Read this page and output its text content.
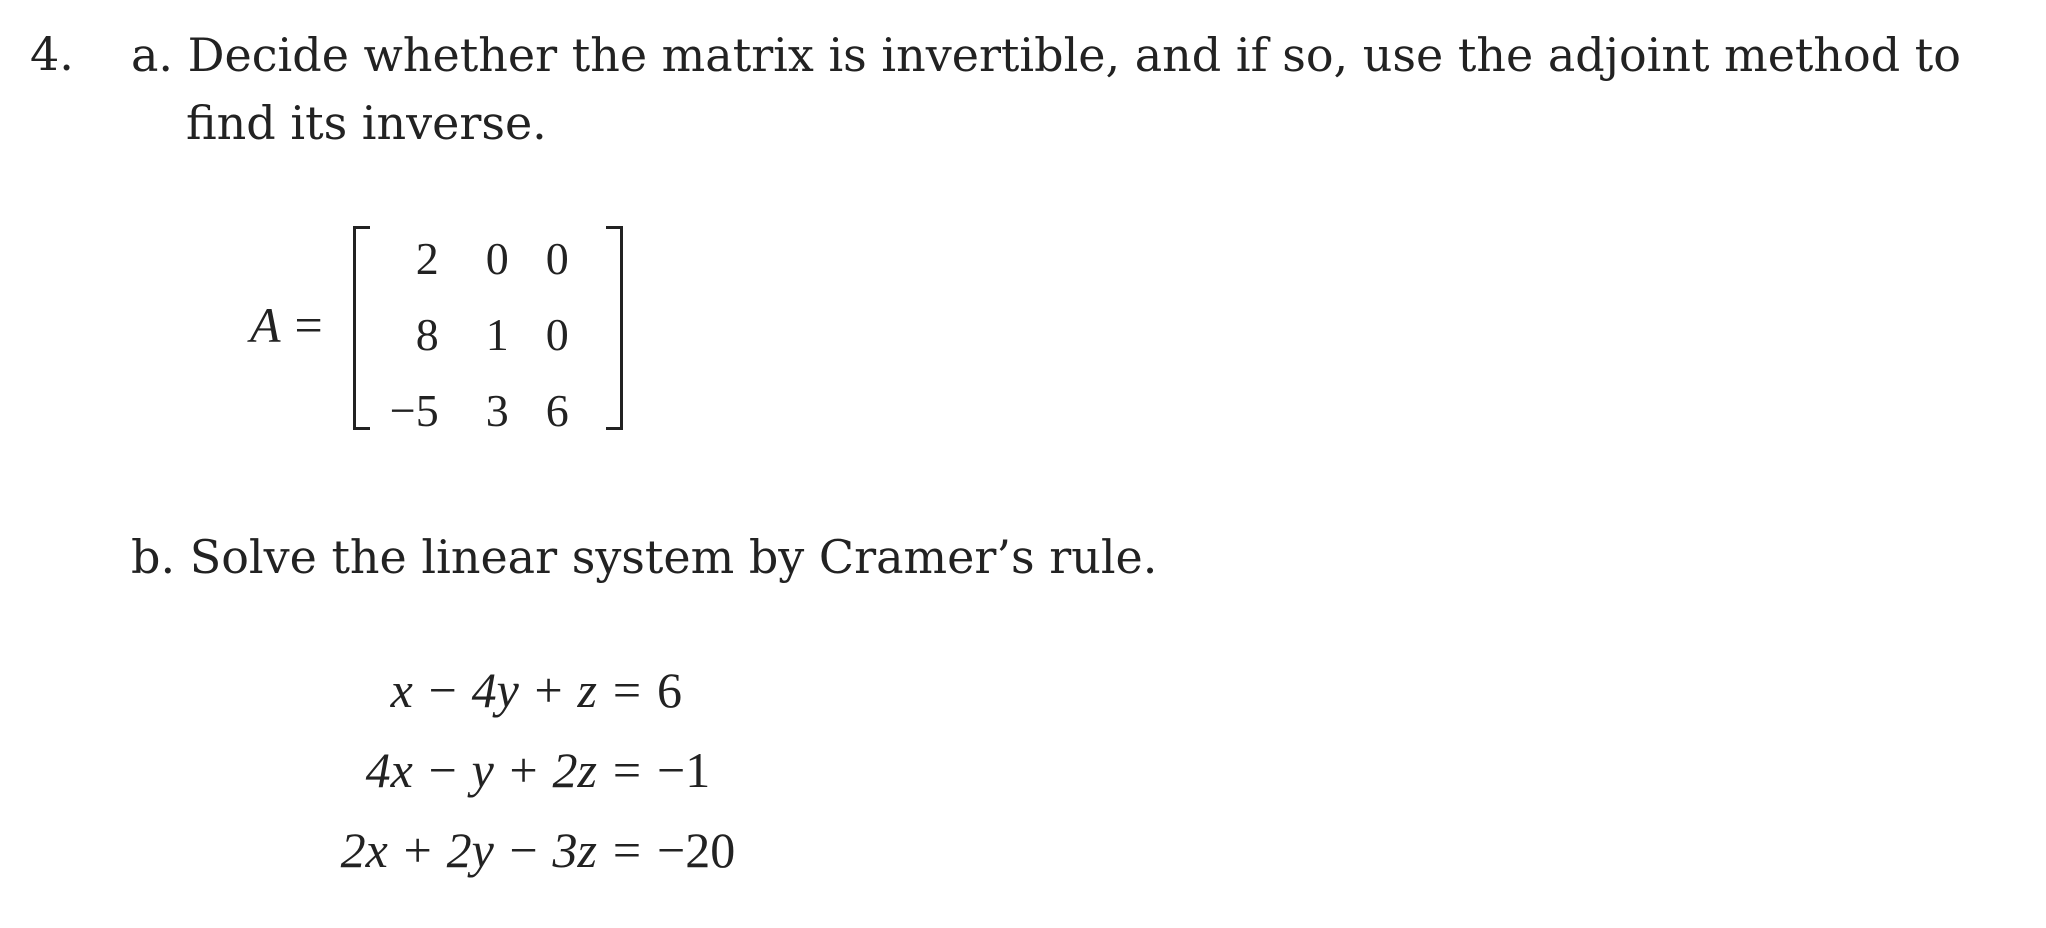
4. a. Decide whether the matrix is invertible, and if so, use the adjoint method to
find its inverse.
A =
2	0 0
8	1 0
−5	3 6
b. Solve the linear system by Cramer’s rule.
x − 4y + z = 6
4x − y + 2z = −1
2x + 2y − 3z = −20
